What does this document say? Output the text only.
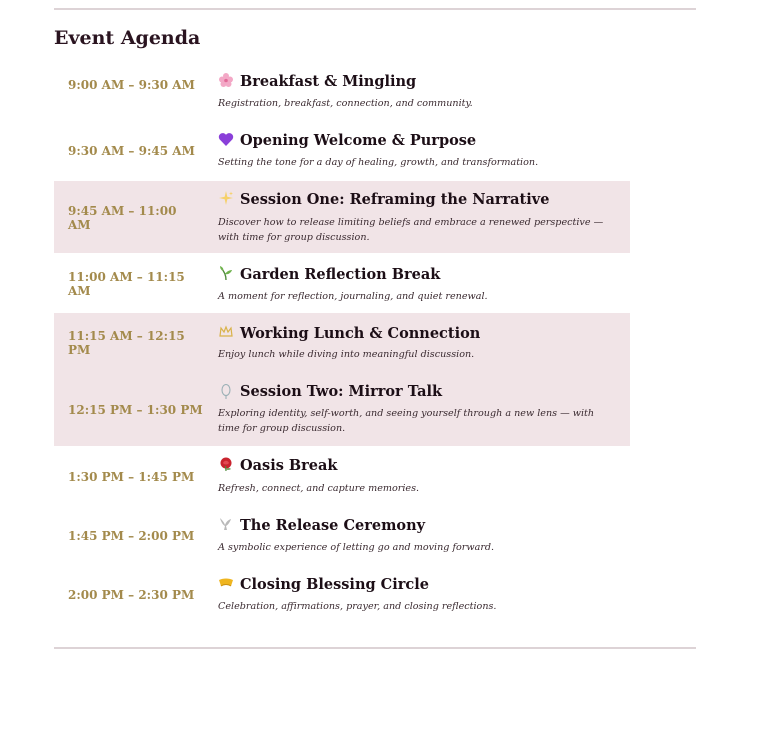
Event Agenda
9:00 AM – 9:30 AM	Breakfast & Mingling
Registration, breakfast, connection, and community.
9:30 AM – 9:45 AM
Opening Welcome & Purpose
Setting the tone for a day of healing, growth, and transformation.
9:45 AM – 11:00 AM
Session One: Reframing the Narrative
Discover how to release limiting beliefs and embrace a renewed perspective — with time for group discussion.
11:00 AM – 11:15 AM
Garden Reflection Break
A moment for reflection, journaling, and quiet renewal.
11:15 AM – 12:15 PM
Working Lunch & Connection
Enjoy lunch while diving into meaningful discussion.
12:15 PM – 1:30 PM
Session Two: Mirror Talk
Exploring identity, self-worth, and seeing yourself through a new lens — with time for group discussion.
1:30 PM – 1:45 PM
Oasis Break
Refresh, connect, and capture memories.
1:45 PM – 2:00 PM
The Release Ceremony
A symbolic experience of letting go and moving forward.
2:00 PM – 2:30 PM
Closing Blessing Circle
Celebration, affirmations, prayer, and closing reflections.
